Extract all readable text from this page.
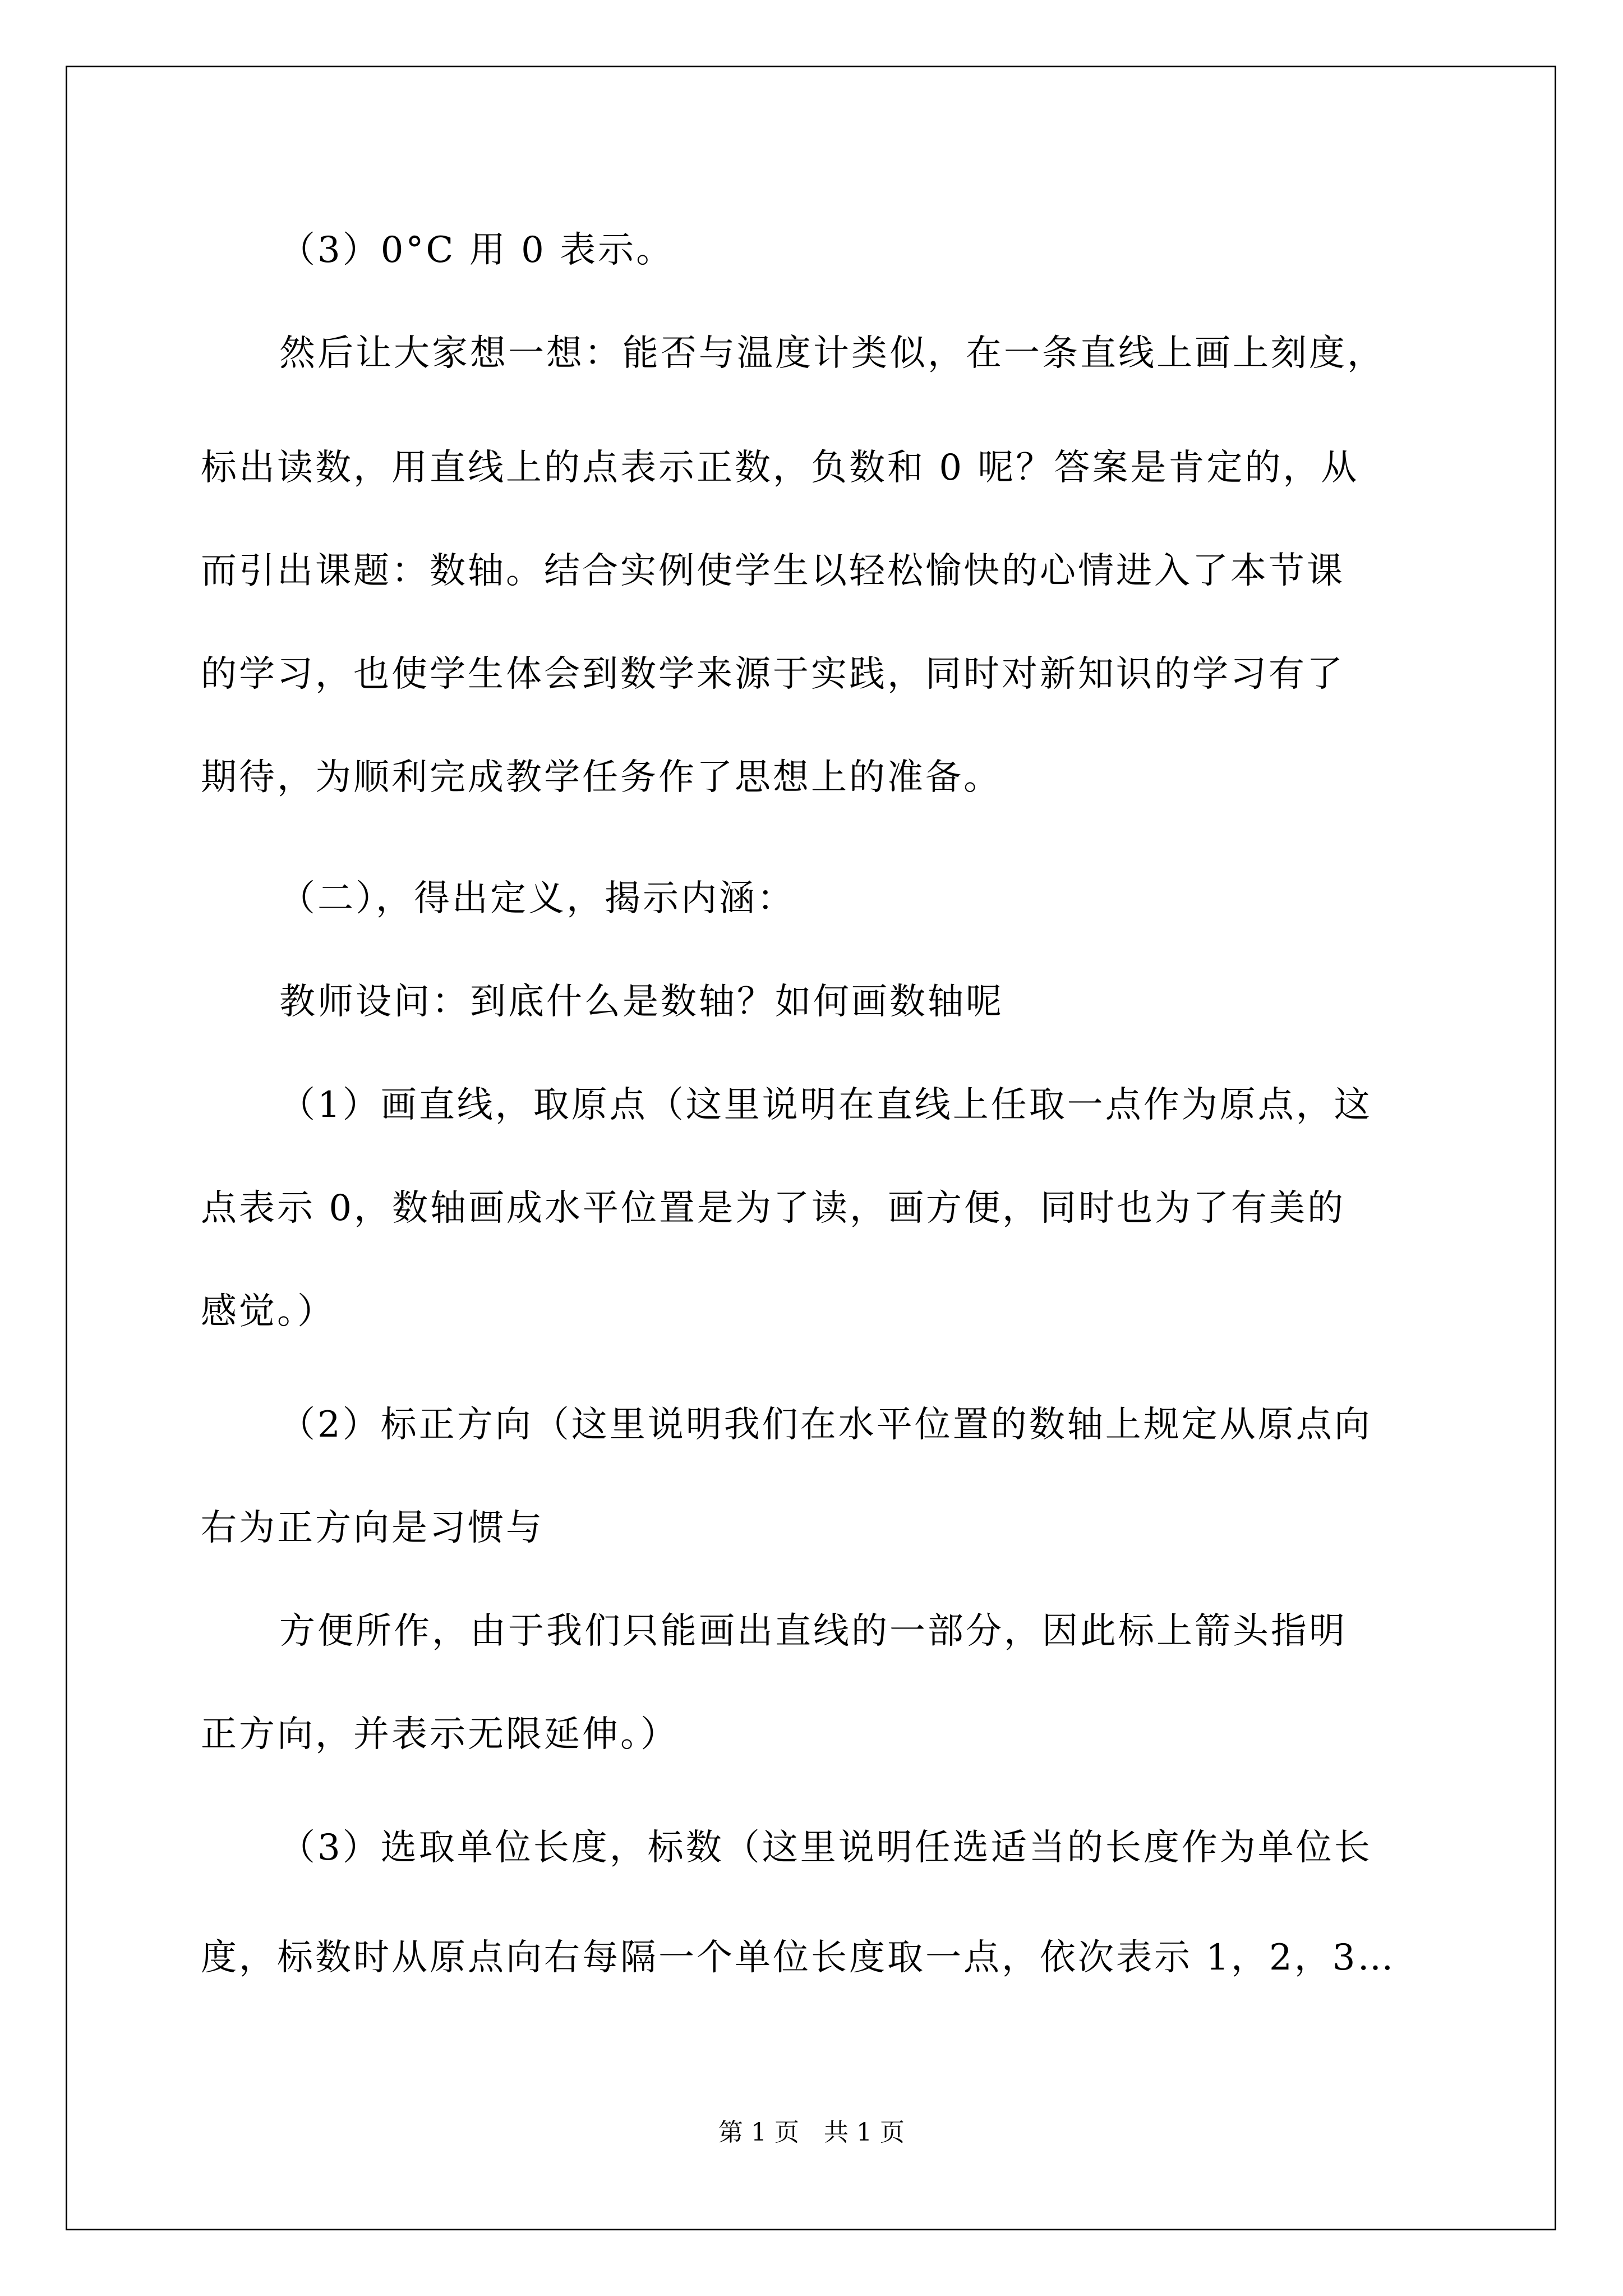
（3）0°C 用 0 表示。
然后让大家想一想：能否与温度计类似，在一条直线上画上刻度，
标出读数，用直线上的点表示正数，负数和 0 呢？答案是肯定的，从
而引出课题：数轴。结合实例使学生以轻松愉快的心情进入了本节课
的学习，也使学生体会到数学来源于实践，同时对新知识的学习有了
期待，为顺利完成教学任务作了思想上的准备。
（二），得出定义，揭示内涵：
教师设问：到底什么是数轴？如何画数轴呢
（1）画直线，取原点（这里说明在直线上任取一点作为原点，这
点表示 0，数轴画成水平位置是为了读，画方便，同时也为了有美的
感觉。）
（2）标正方向（这里说明我们在水平位置的数轴上规定从原点向
右为正方向是习惯与
方便所作，由于我们只能画出直线的一部分，因此标上箭头指明
正方向，并表示无限延伸。）
（3）选取单位长度，标数（这里说明任选适当的长度作为单位长
度，标数时从原点向右每隔一个单位长度取一点，依次表示 1，2，3…
第 1 页　共 1 页
